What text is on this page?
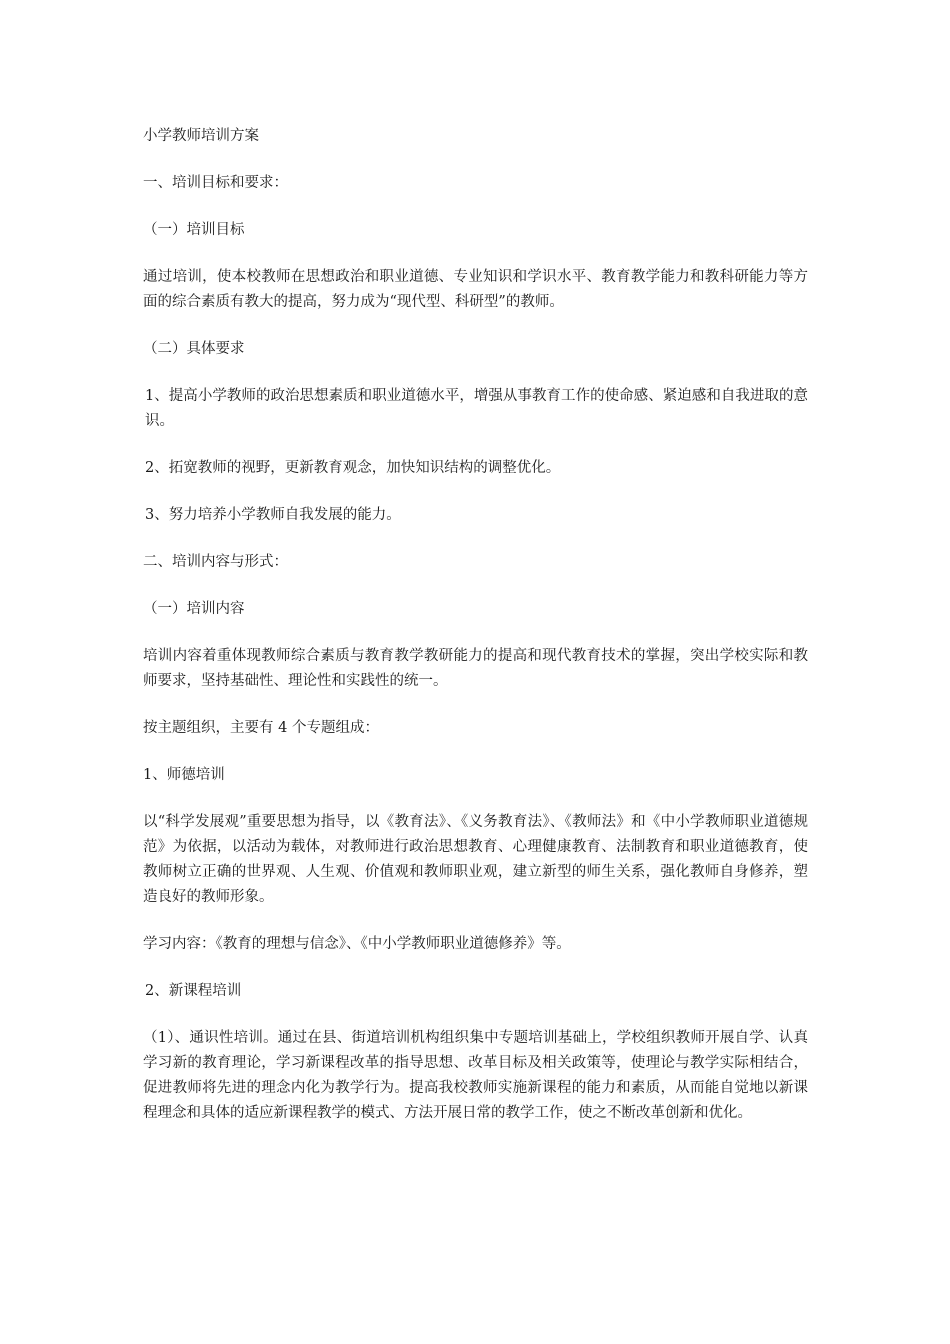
小学教师培训方案

一、培训目标和要求：

（一）培训目标

通过培训，使本校教师在思想政治和职业道德、专业知识和学识水平、教育教学能力和教科研能力等方面的综合素质有教大的提高，努力成为“现代型、科研型”的教师。

（二）具体要求

1、提高小学教师的政治思想素质和职业道德水平，增强从事教育工作的使命感、紧迫感和自我进取的意识。

2、拓宽教师的视野，更新教育观念，加快知识结构的调整优化。

3、努力培养小学教师自我发展的能力。

二、培训内容与形式：

（一）培训内容

培训内容着重体现教师综合素质与教育教学教研能力的提高和现代教育技术的掌握，突出学校实际和教师要求，坚持基础性、理论性和实践性的统一。

按主题组织，主要有 4 个专题组成：

1、师德培训

以“科学发展观”重要思想为指导，以《教育法》、《义务教育法》、《教师法》和《中小学教师职业道德规范》为依据，以活动为载体，对教师进行政治思想教育、心理健康教育、法制教育和职业道德教育，使教师树立正确的世界观、人生观、价值观和教师职业观，建立新型的师生关系，强化教师自身修养，塑造良好的教师形象。

学习内容：《教育的理想与信念》、《中小学教师职业道德修养》等。

2、新课程培训

（1）、通识性培训。通过在县、街道培训机构组织集中专题培训基础上，学校组织教师开展自学、认真学习新的教育理论，学习新课程改革的指导思想、改革目标及相关政策等，使理论与教学实际相结合，促进教师将先进的理念内化为教学行为。提高我校教师实施新课程的能力和素质，从而能自觉地以新课程理念和具体的适应新课程教学的模式、方法开展日常的教学工作，使之不断改革创新和优化。
